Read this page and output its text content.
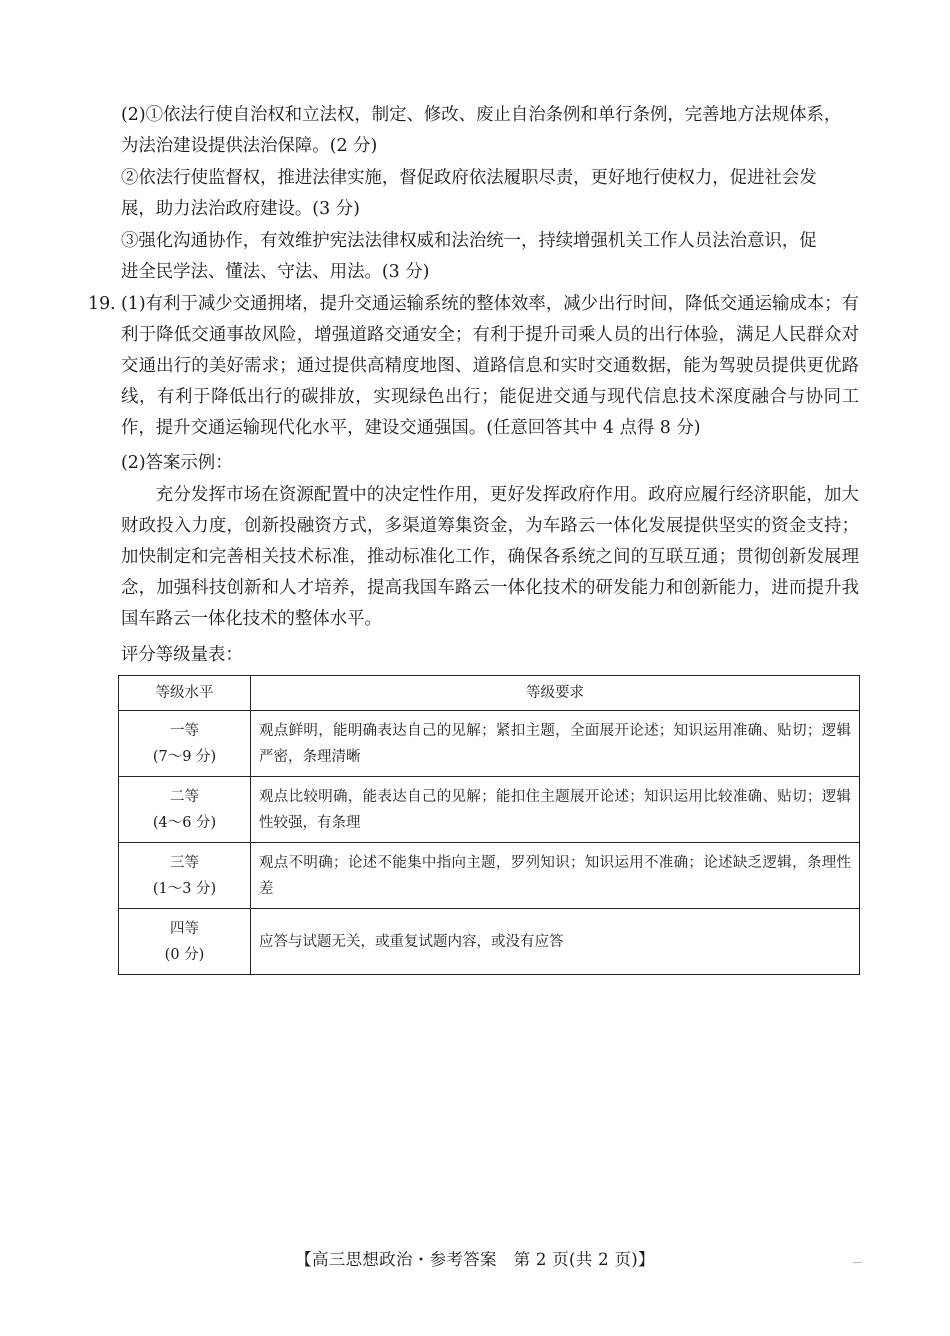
(2)①依法行使自治权和立法权，制定、修改、废止自治条例和单行条例，完善地方法规体系，
为法治建设提供法治保障。(2 分)

②依法行使监督权，推进法律实施，督促政府依法履职尽责，更好地行使权力，促进社会发
展，助力法治政府建设。(3 分)

③强化沟通协作，有效维护宪法法律权威和法治统一，持续增强机关工作人员法治意识，促
进全民学法、懂法、守法、用法。(3 分)

19. (1)有利于减少交通拥堵，提升交通运输系统的整体效率，减少出行时间，降低交通运输成本；有利于降低交通事故风险，增强道路交通安全；有利于提升司乘人员的出行体验，满足人民群众对交通出行的美好需求；通过提供高精度地图、道路信息和实时交通数据，能为驾驶员提供更优路线，有利于降低出行的碳排放，实现绿色出行；能促进交通与现代信息技术深度融合与协同工作，提升交通运输现代化水平，建设交通强国。(任意回答其中 4 点得 8 分)

(2)答案示例：

充分发挥市场在资源配置中的决定性作用，更好发挥政府作用。政府应履行经济职能，加大财政投入力度，创新投融资方式，多渠道筹集资金，为车路云一体化发展提供坚实的资金支持；加快制定和完善相关技术标准，推动标准化工作，确保各系统之间的互联互通；贯彻创新发展理念，加强科技创新和人才培养，提高我国车路云一体化技术的研发能力和创新能力，进而提升我国车路云一体化技术的整体水平。

评分等级量表：

等级水平	等级要求
一等
(7～9 分)	观点鲜明，能明确表达自己的见解；紧扣主题，全面展开论述；知识运用准确、贴切；逻辑严密，条理清晰
二等
(4～6 分)	观点比较明确，能表达自己的见解；能扣住主题展开论述；知识运用比较准确、贴切；逻辑性较强，有条理
三等
(1～3 分)	观点不明确；论述不能集中指向主题，罗列知识；知识运用不准确；论述缺乏逻辑，条理性差
四等
(0 分)	应答与试题无关，或重复试题内容，或没有应答
【高三思想政治・参考答案　第 2 页(共 2 页)】
